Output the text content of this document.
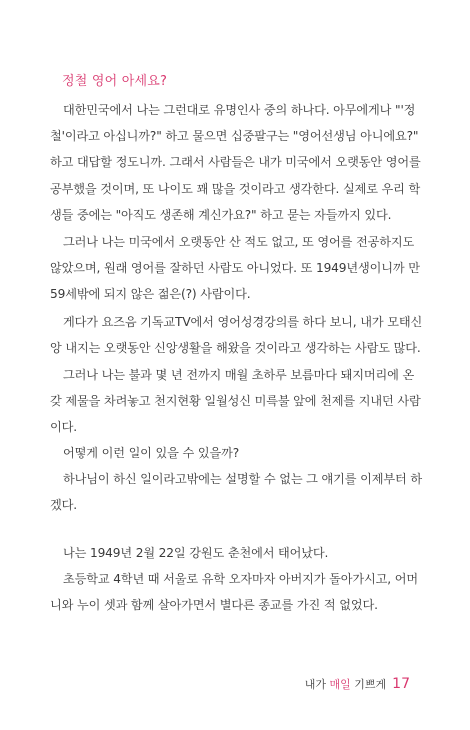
정철 영어 아세요?
대한민국에서 나는 그런대로 유명인사 중의 하나다. 아무에게나 "'정
철'이라고 아십니까?" 하고 물으면 십중팔구는 "영어선생님 아니에요?"
하고 대답할 정도니까. 그래서 사람들은 내가 미국에서 오랫동안 영어를
공부했을 것이며, 또 나이도 꽤 많을 것이라고 생각한다. 실제로 우리 학
생들 중에는 "아직도 생존해 계신가요?" 하고 묻는 자들까지 있다.
그러나 나는 미국에서 오랫동안 산 적도 없고, 또 영어를 전공하지도
않았으며, 원래 영어를 잘하던 사람도 아니었다. 또 1949년생이니까 만
59세밖에 되지 않은 젊은(?) 사람이다.
게다가 요즈음 기독교TV에서 영어성경강의를 하다 보니, 내가 모태신
앙 내지는 오랫동안 신앙생활을 해왔을 것이라고 생각하는 사람도 많다.
그러나 나는 불과 몇 년 전까지 매월 초하루 보름마다 돼지머리에 온
갖 제물을 차려놓고 천지현황 일월성신 미륵불 앞에 천제를 지내던 사람
이다.
어떻게 이런 일이 있을 수 있을까?
하나님이 하신 일이라고밖에는 설명할 수 없는 그 얘기를 이제부터 하
겠다.
나는 1949년 2월 22일 강원도 춘천에서 태어났다.
초등학교 4학년 때 서울로 유학 오자마자 아버지가 돌아가시고, 어머
니와 누이 셋과 함께 살아가면서 별다른 종교를 가진 적 없었다.
내가 매일 기쁘게 17
